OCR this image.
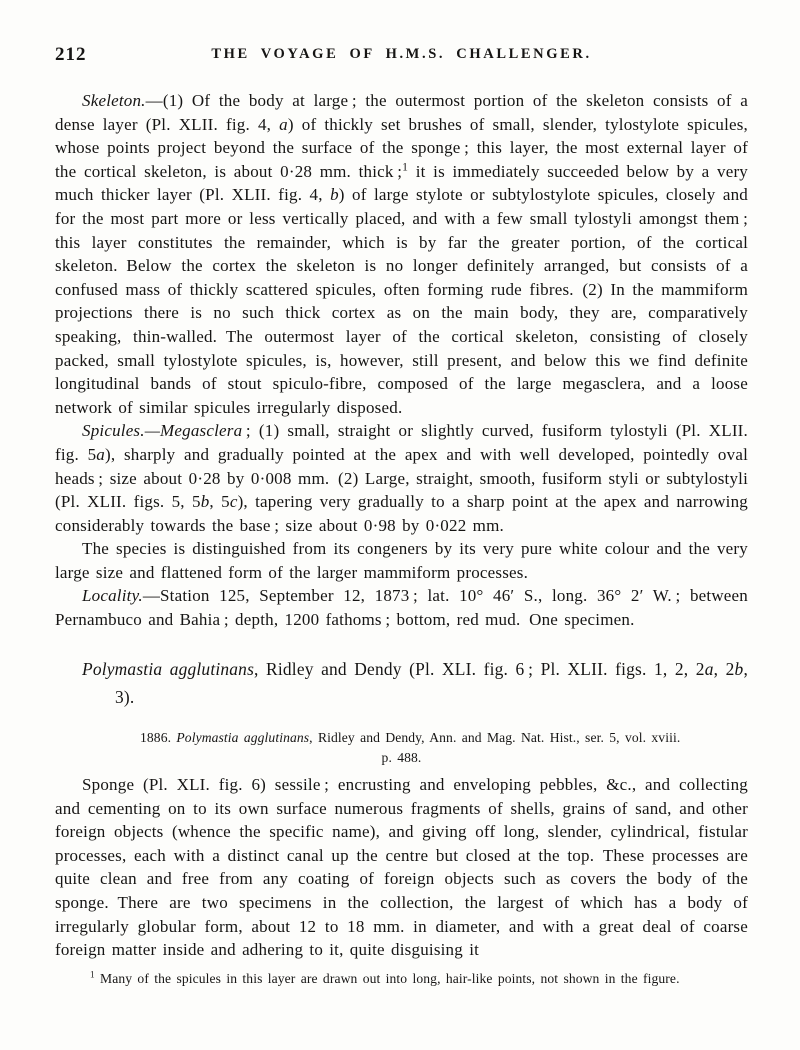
212	THE VOYAGE OF H.M.S. CHALLENGER.

Skeleton.—(1) Of the body at large ; the outermost portion of the skeleton consists of a dense layer (Pl. XLII. fig. 4, a) of thickly set brushes of small, slender, tylostylote spicules, whose points project beyond the surface of the sponge ; this layer, the most external layer of the cortical skeleton, is about 0·28 mm. thick ;$^1$ it is immediately succeeded below by a very much thicker layer (Pl. XLII. fig. 4, b) of large stylote or subtylostylote spicules, closely and for the most part more or less vertically placed, and with a few small tylostyli amongst them ; this layer constitutes the remainder, which is by far the greater portion, of the cortical skeleton. Below the cortex the skeleton is no longer definitely arranged, but consists of a confused mass of thickly scattered spicules, often forming rude fibres. (2) In the mammiform projections there is no such thick cortex as on the main body, they are, comparatively speaking, thin-walled. The outermost layer of the cortical skeleton, consisting of closely packed, small tylostylote spicules, is, however, still present, and below this we find definite longitudinal bands of stout spiculo-fibre, composed of the large megasclera, and a loose network of similar spicules irregularly disposed.

Spicules.—Megasclera ; (1) small, straight or slightly curved, fusiform tylostyli (Pl. XLII. fig. 5a), sharply and gradually pointed at the apex and with well developed, pointedly oval heads ; size about 0·28 by 0·008 mm. (2) Large, straight, smooth, fusiform styli or subtylostyli (Pl. XLII. figs. 5, 5b, 5c), tapering very gradually to a sharp point at the apex and narrowing considerably towards the base ; size about 0·98 by 0·022 mm.

The species is distinguished from its congeners by its very pure white colour and the very large size and flattened form of the larger mammiform processes.

Locality.—Station 125, September 12, 1873 ; lat. 10° 46′ S., long. 36° 2′ W. ; between Pernambuco and Bahia ; depth, 1200 fathoms ; bottom, red mud. One specimen.

Polymastia agglutinans, Ridley and Dendy (Pl. XLI. fig. 6 ; Pl. XLII. figs. 1, 2, 2a, 2b, 3).

1886. Polymastia agglutinans, Ridley and Dendy, Ann. and Mag. Nat. Hist., ser. 5, vol. xviii.
p. 488.

Sponge (Pl. XLI. fig. 6) sessile ; encrusting and enveloping pebbles, &c., and collecting and cementing on to its own surface numerous fragments of shells, grains of sand, and other foreign objects (whence the specific name), and giving off long, slender, cylindrical, fistular processes, each with a distinct canal up the centre but closed at the top. These processes are quite clean and free from any coating of foreign objects such as covers the body of the sponge. There are two specimens in the collection, the largest of which has a body of irregularly globular form, about 12 to 18 mm. in diameter, and with a great deal of coarse foreign matter inside and adhering to it, quite disguising it

$^1$ Many of the spicules in this layer are drawn out into long, hair-like points, not shown in the figure.
